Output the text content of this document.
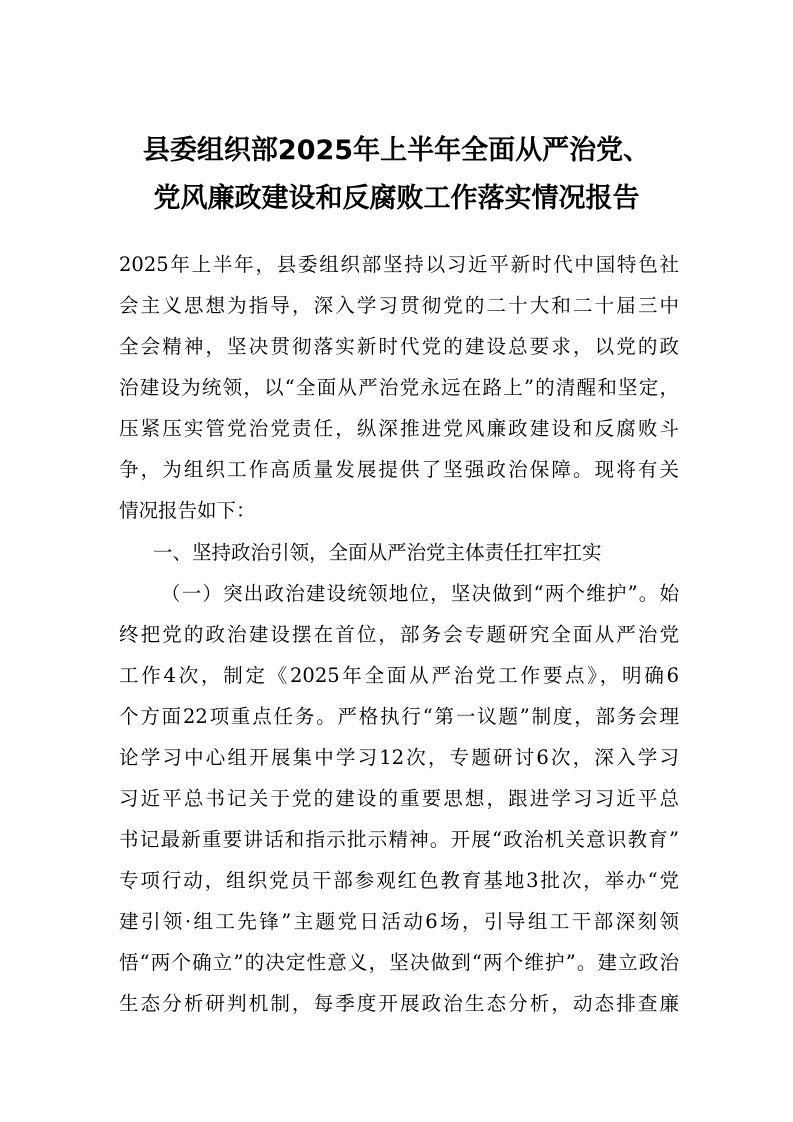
县委组织部2025年上半年全面从严治党、
党风廉政建设和反腐败工作落实情况报告
2025年上半年，县委组织部坚持以习近平新时代中国特色社
会主义思想为指导，深入学习贯彻党的二十大和二十届三中
全会精神，坚决贯彻落实新时代党的建设总要求，以党的政
治建设为统领，以“全面从严治党永远在路上”的清醒和坚定，
压紧压实管党治党责任，纵深推进党风廉政建设和反腐败斗
争，为组织工作高质量发展提供了坚强政治保障。现将有关
情况报告如下：
一、坚持政治引领，全面从严治党主体责任扛牢扛实
（一）突出政治建设统领地位，坚决做到“两个维护”。始
终把党的政治建设摆在首位，部务会专题研究全面从严治党
工作4次，制定《2025年全面从严治党工作要点》，明确6
个方面22项重点任务。严格执行“第一议题”制度，部务会理
论学习中心组开展集中学习12次，专题研讨6次，深入学习
习近平总书记关于党的建设的重要思想，跟进学习习近平总
书记最新重要讲话和指示批示精神。开展“政治机关意识教育”
专项行动，组织党员干部参观红色教育基地3批次，举办“党
建引领·组工先锋”主题党日活动6场，引导组工干部深刻领
悟“两个确立”的决定性意义，坚决做到“两个维护”。建立政治
生态分析研判机制，每季度开展政治生态分析，动态排查廉
